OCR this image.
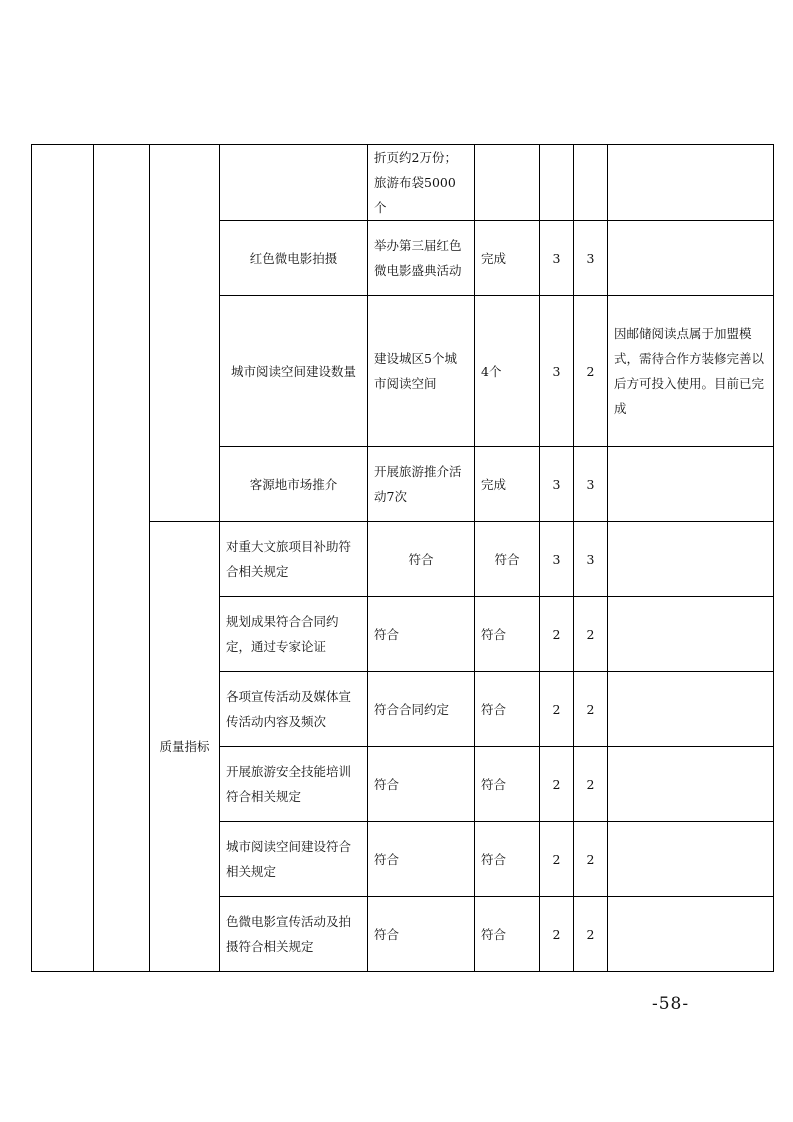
				折页约2万份；旅游布袋5000个				
			红色微电影拍摄	举办第三届红色微电影盛典活动	完成	3	3	
			城市阅读空间建设数量	建设城区5个城市阅读空间	4个	3	2	因邮储阅读点属于加盟模式，需待合作方装修完善以后方可投入使用。目前已完成
			客源地市场推介	开展旅游推介活动7次	完成	3	3	
		质量指标	对重大文旅项目补助符合相关规定	符合	符合	3	3	
			规划成果符合合同约定，通过专家论证	符合	符合	2	2	
			各项宣传活动及媒体宣传活动内容及频次	符合合同约定	符合	2	2	
			开展旅游安全技能培训符合相关规定	符合	符合	2	2	
			城市阅读空间建设符合相关规定	符合	符合	2	2	
			色微电影宣传活动及拍摄符合相关规定	符合	符合	2	2	
-58-
